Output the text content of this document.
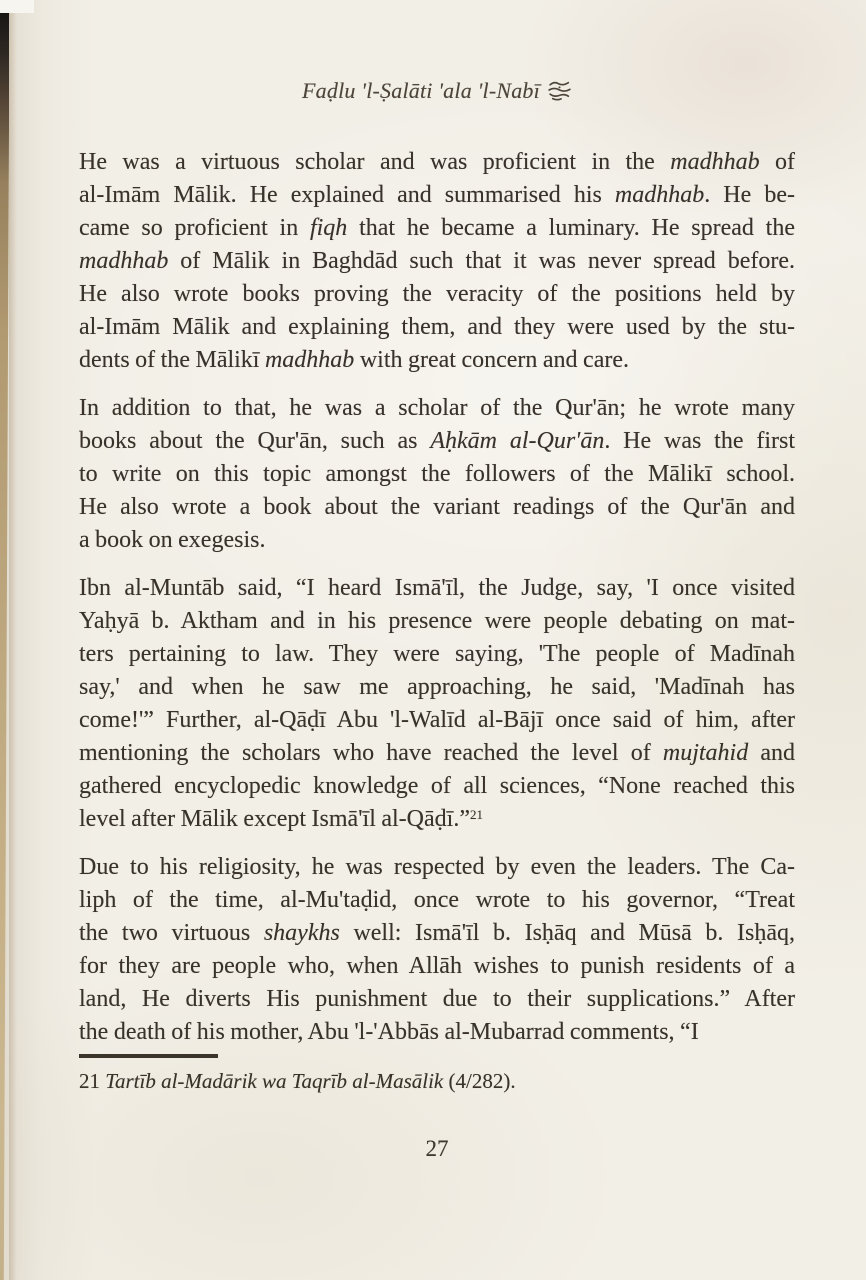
Faḍlu 'l-Ṣalāti 'ala 'l-Nabī
He was a virtuous scholar and was proficient in the madhhab of
al-Imām Mālik. He explained and summarised his madhhab. He be-
came so proficient in fiqh that he became a luminary. He spread the
madhhab of Mālik in Baghdād such that it was never spread before.
He also wrote books proving the veracity of the positions held by
al-Imām Mālik and explaining them, and they were used by the stu-
dents of the Mālikī madhhab with great concern and care.
In addition to that, he was a scholar of the Qur'ān; he wrote many
books about the Qur'ān, such as Aḥkām al-Qur'ān. He was the first
to write on this topic amongst the followers of the Mālikī school.
He also wrote a book about the variant readings of the Qur'ān and
a book on exegesis.
Ibn al-Muntāb said, “I heard Ismā'īl, the Judge, say, 'I once visited
Yaḥyā b. Aktham and in his presence were people debating on mat-
ters pertaining to law. They were saying, 'The people of Madīnah
say,' and when he saw me approaching, he said, 'Madīnah has
come!'” Further, al-Qāḍī Abu 'l-Walīd al-Bājī once said of him, after
mentioning the scholars who have reached the level of mujtahid and
gathered encyclopedic knowledge of all sciences, “None reached this
level after Mālik except Ismā'īl al-Qāḍī.”$^{21}$
Due to his religiosity, he was respected by even the leaders. The Ca-
liph of the time, al-Mu'taḍid, once wrote to his governor, “Treat
the two virtuous shaykhs well: Ismā'īl b. Isḥāq and Mūsā b. Isḥāq,
for they are people who, when Allāh wishes to punish residents of a
land, He diverts His punishment due to their supplications.” After
the death of his mother, Abu 'l-'Abbās al-Mubarrad comments, “I
21 Tartīb al-Madārik wa Taqrīb al-Masālik (4/282).
27
